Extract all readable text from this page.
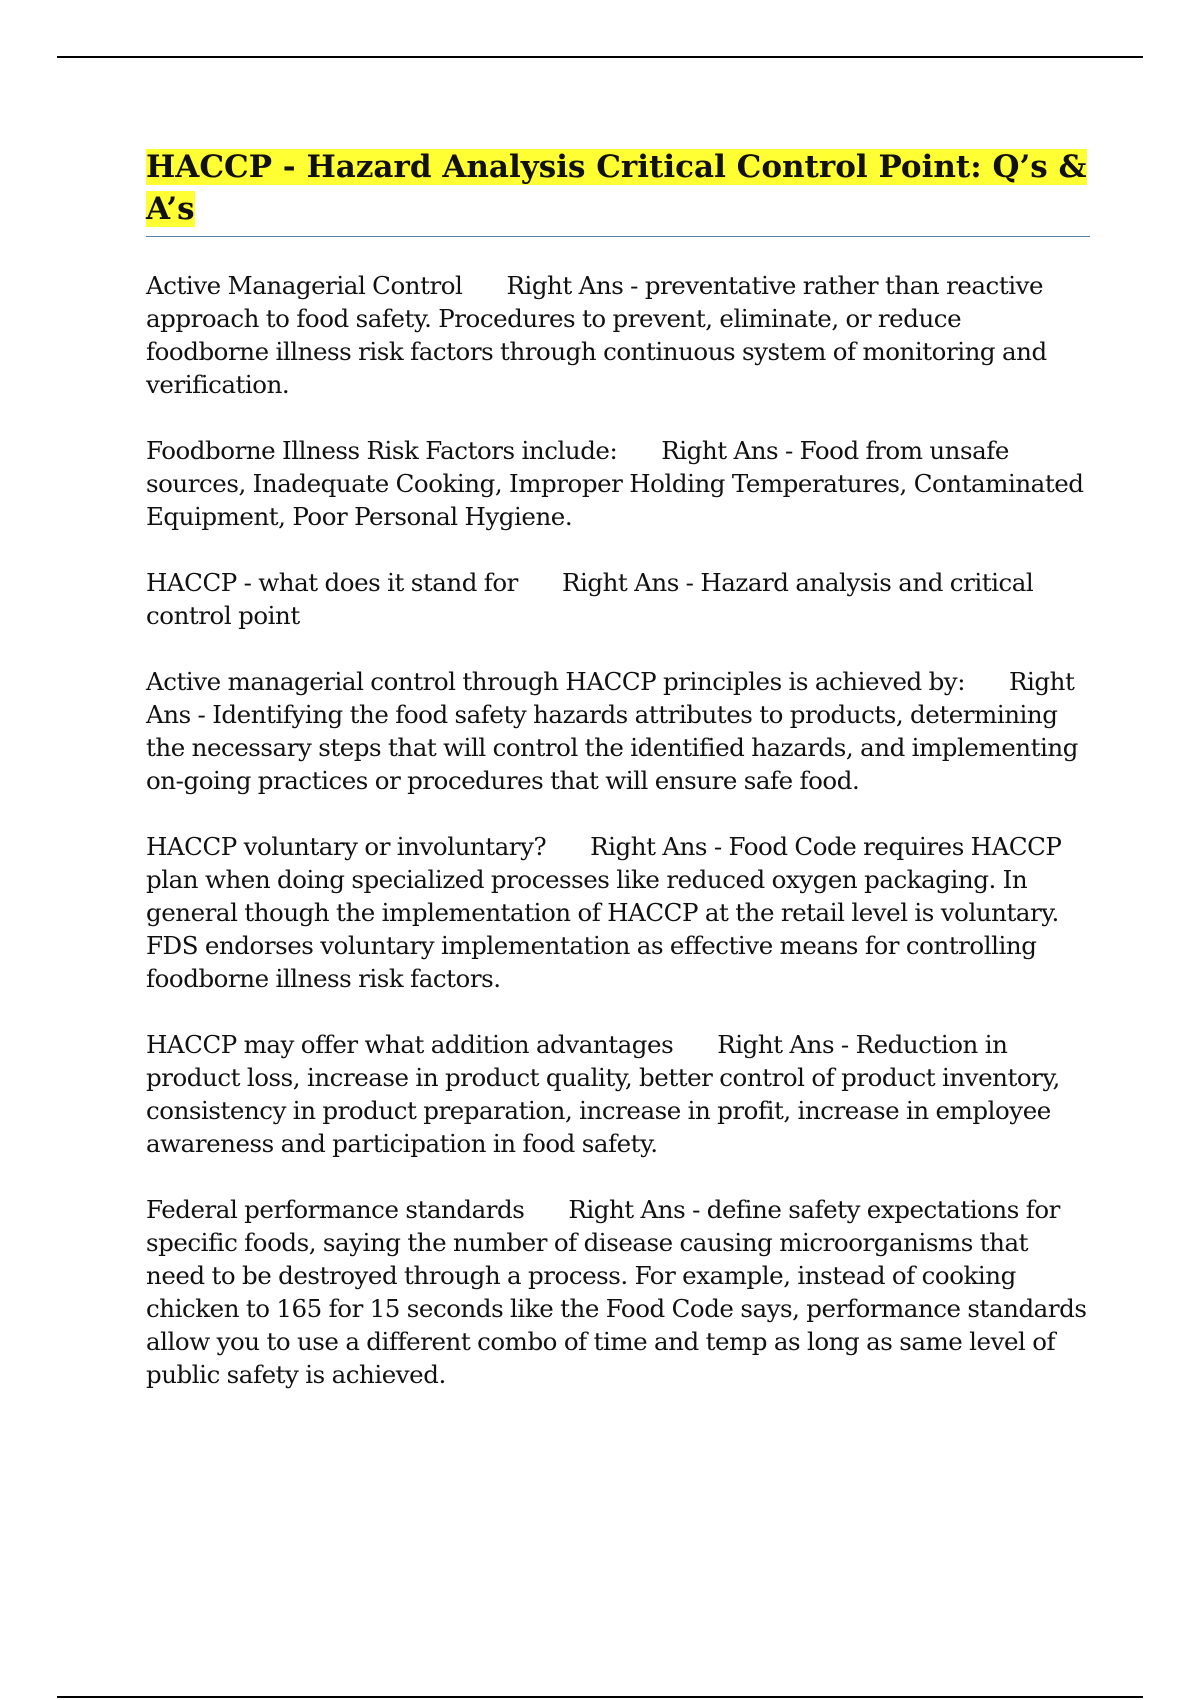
HACCP - Hazard Analysis Critical Control Point: Q’s & A’s

Active Managerial Control Right Ans - preventative rather than reactive approach to food safety. Procedures to prevent, eliminate, or reduce foodborne illness risk factors through continuous system of monitoring and verification.

Foodborne Illness Risk Factors include: Right Ans - Food from unsafe sources, Inadequate Cooking, Improper Holding Temperatures, Contaminated Equipment, Poor Personal Hygiene.

HACCP - what does it stand for Right Ans - Hazard analysis and critical control point

Active managerial control through HACCP principles is achieved by: Right Ans - Identifying the food safety hazards attributes to products, determining the necessary steps that will control the identified hazards, and implementing on-going practices or procedures that will ensure safe food.

HACCP voluntary or involuntary? Right Ans - Food Code requires HACCP plan when doing specialized processes like reduced oxygen packaging. In general though the implementation of HACCP at the retail level is voluntary. FDS endorses voluntary implementation as effective means for controlling foodborne illness risk factors.

HACCP may offer what addition advantages Right Ans - Reduction in product loss, increase in product quality, better control of product inventory, consistency in product preparation, increase in profit, increase in employee awareness and participation in food safety.

Federal performance standards Right Ans - define safety expectations for specific foods, saying the number of disease causing microorganisms that need to be destroyed through a process. For example, instead of cooking chicken to 165 for 15 seconds like the Food Code says, performance standards allow you to use a different combo of time and temp as long as same level of public safety is achieved.
